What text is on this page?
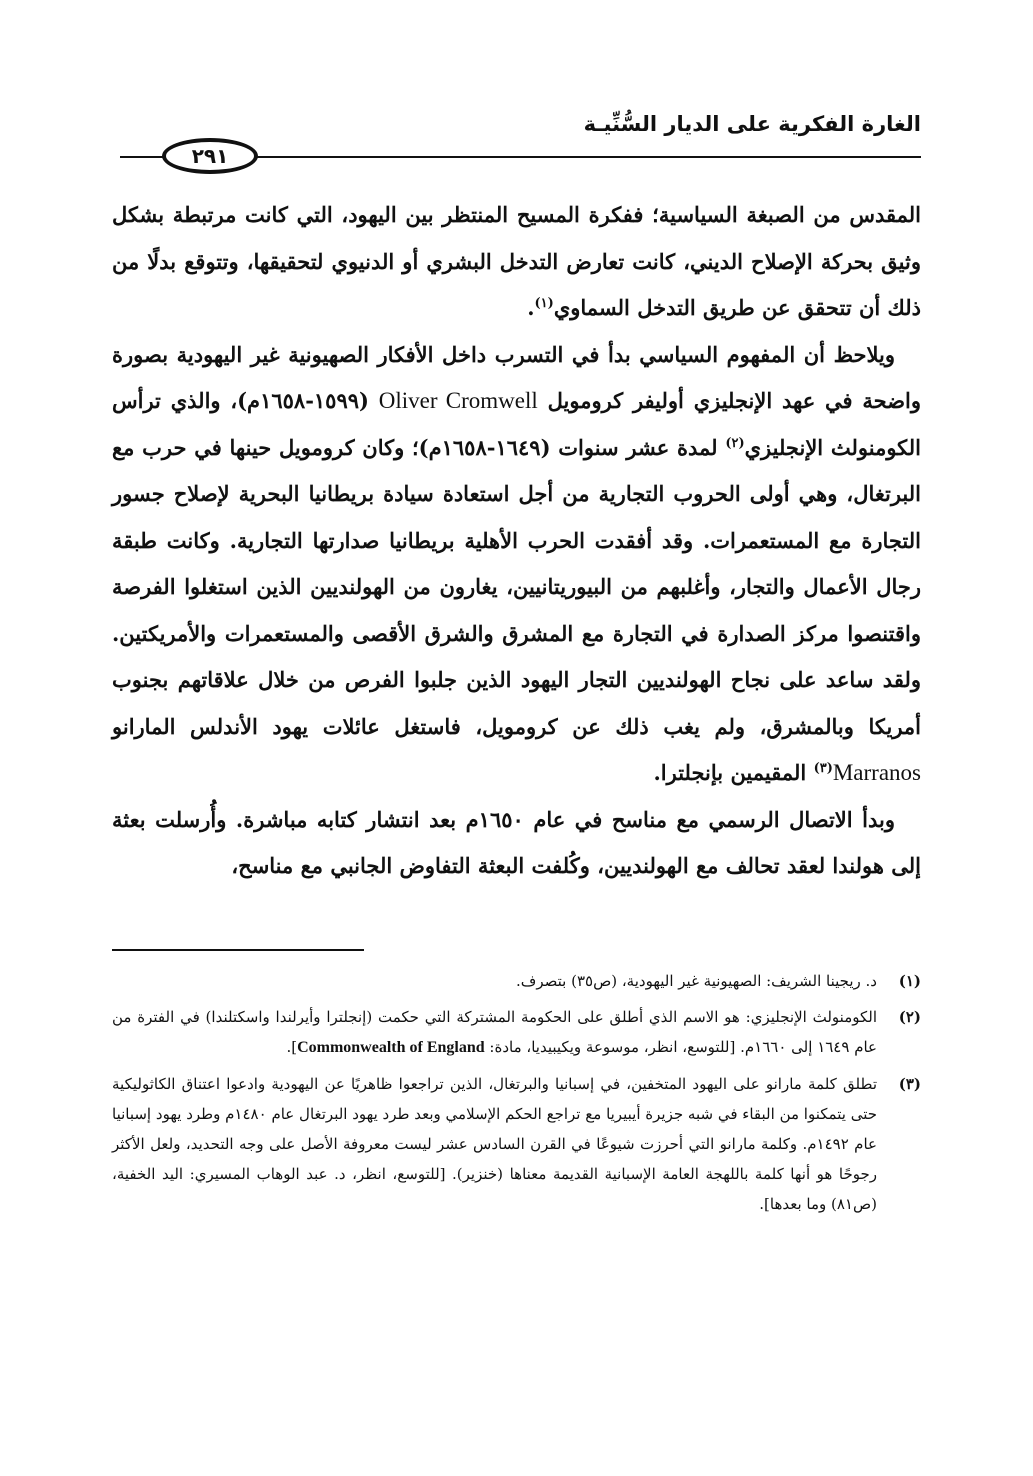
الغارة الفكرية على الديار السُّنِّيـة
٢٩١

المقدس من الصبغة السياسية؛ ففكرة المسيح المنتظر بين اليهود، التي كانت مرتبطة بشكل وثيق بحركة الإصلاح الديني، كانت تعارض التدخل البشري أو الدنيوي لتحقيقها، وتتوقع بدلًا من ذلك أن تتحقق عن طريق التدخل السماوي$^{(١)}$.

ويلاحظ أن المفهوم السياسي بدأ في التسرب داخل الأفكار الصهيونية غير اليهودية بصورة واضحة في عهد الإنجليزي أوليفر كرومويل Oliver Cromwell (١٥٩٩-١٦٥٨م)، والذي ترأس الكومنولث الإنجليزي$^{(٢)}$ لمدة عشر سنوات (١٦٤٩-١٦٥٨م)؛ وكان كرومويل حينها في حرب مع البرتغال، وهي أولى الحروب التجارية من أجل استعادة سيادة بريطانيا البحرية لإصلاح جسور التجارة مع المستعمرات. وقد أفقدت الحرب الأهلية بريطانيا صدارتها التجارية. وكانت طبقة رجال الأعمال والتجار، وأغلبهم من البيوريتانيين، يغارون من الهولنديين الذين استغلوا الفرصة واقتنصوا مركز الصدارة في التجارة مع المشرق والشرق الأقصى والمستعمرات والأمريكتين. ولقد ساعد على نجاح الهولنديين التجار اليهود الذين جلبوا الفرص من خلال علاقاتهم بجنوب أمريكا وبالمشرق، ولم يغب ذلك عن كرومويل، فاستغل عائلات يهود الأندلس المارانو Marranos$^{(٣)}$ المقيمين بإنجلترا.

وبدأ الاتصال الرسمي مع مناسح في عام ١٦٥٠م بعد انتشار كتابه مباشرة. وأُرسلت بعثة إلى هولندا لعقد تحالف مع الهولنديين، وكُلفت البعثة التفاوض الجانبي مع مناسح،

(١)
د. ريجينا الشريف: الصهيونية غير اليهودية، (ص٣٥) بتصرف.
(٢)
الكومنولث الإنجليزي: هو الاسم الذي أطلق على الحكومة المشتركة التي حكمت (إنجلترا وأيرلندا واسكتلندا) في الفترة من عام ١٦٤٩ إلى ١٦٦٠م. [للتوسع، انظر، موسوعة ويكيبيديا، مادة: Commonwealth of England].
(٣)
تطلق كلمة مارانو على اليهود المتخفين، في إسبانيا والبرتغال، الذين تراجعوا ظاهريًا عن اليهودية وادعوا اعتناق الكاثوليكية حتى يتمكنوا من البقاء في شبه جزيرة أيبيريا مع تراجع الحكم الإسلامي وبعد طرد يهود البرتغال عام ١٤٨٠م وطرد يهود إسبانيا عام ١٤٩٢م. وكلمة مارانو التي أحرزت شيوعًا في القرن السادس عشر ليست معروفة الأصل على وجه التحديد، ولعل الأكثر رجوحًا هو أنها كلمة باللهجة العامة الإسبانية القديمة معناها (خنزير). [للتوسع، انظر، د. عبد الوهاب المسيري: اليد الخفية، (ص٨١) وما بعدها].
